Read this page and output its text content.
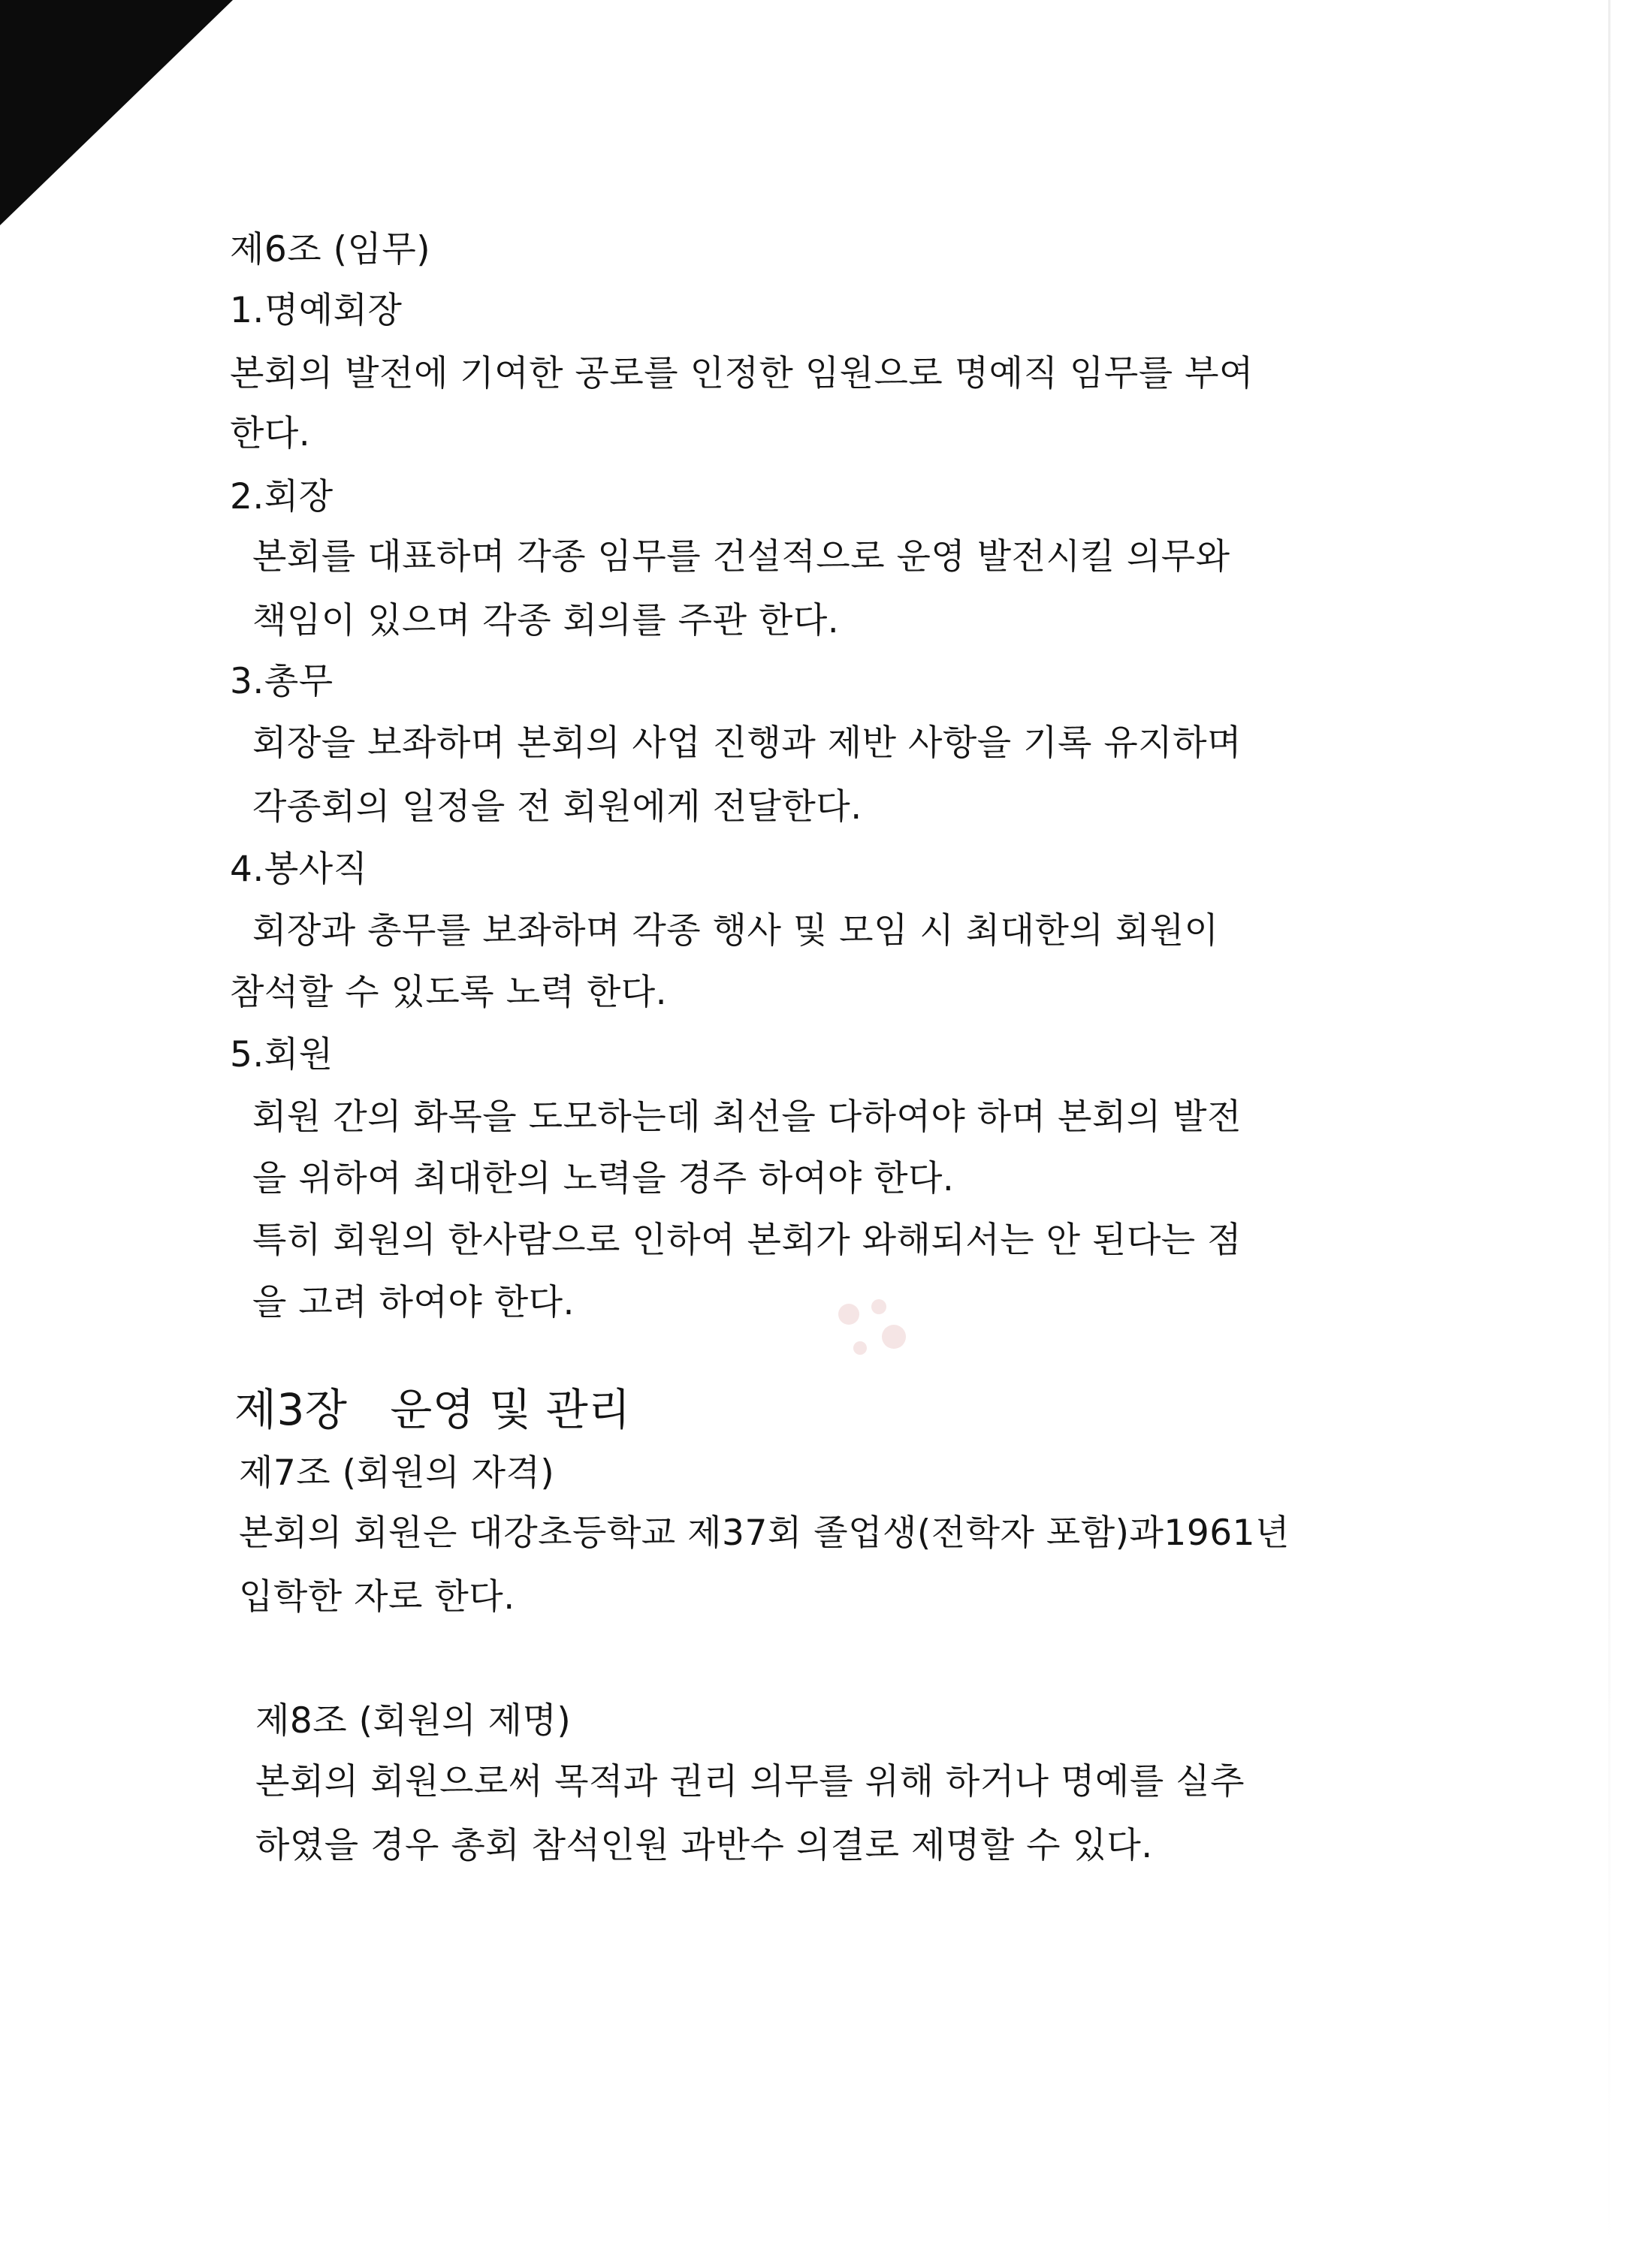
제6조 (임무)
1.명예회장
본회의 발전에 기여한 공로를 인정한 임원으로 명예직 임무를 부여
한다.
2.회장
본회를 대표하며 각종 임무를 건설적으로 운영 발전시킬 의무와
책임이 있으며 각종 회의를 주관 한다.
3.총무
회장을 보좌하며 본회의 사업 진행과 제반 사항을 기록 유지하며
각종회의 일정을 전 회원에게 전달한다.
4.봉사직
회장과 총무를 보좌하며 각종 행사 및 모임 시 최대한의 회원이
참석할 수 있도록 노력 한다.
5.회원
회원 간의 화목을 도모하는데 최선을 다하여야 하며 본회의 발전
을 위하여 최대한의 노력을 경주 하여야 한다.
특히 회원의 한사람으로 인하여 본회가 와해되서는 안 된다는 점
을 고려 하여야 한다.
제3장   운영 및 관리
제7조 (회원의 자격)
본회의 회원은 대강초등학교 제37회 졸업생(전학자 포함)과1961년
입학한 자로 한다.
제8조 (회원의 제명)
본회의 회원으로써 목적과 권리 의무를 위해 하거나 명예를 실추
하였을 경우 총회 참석인원 과반수 의결로 제명할 수 있다.
